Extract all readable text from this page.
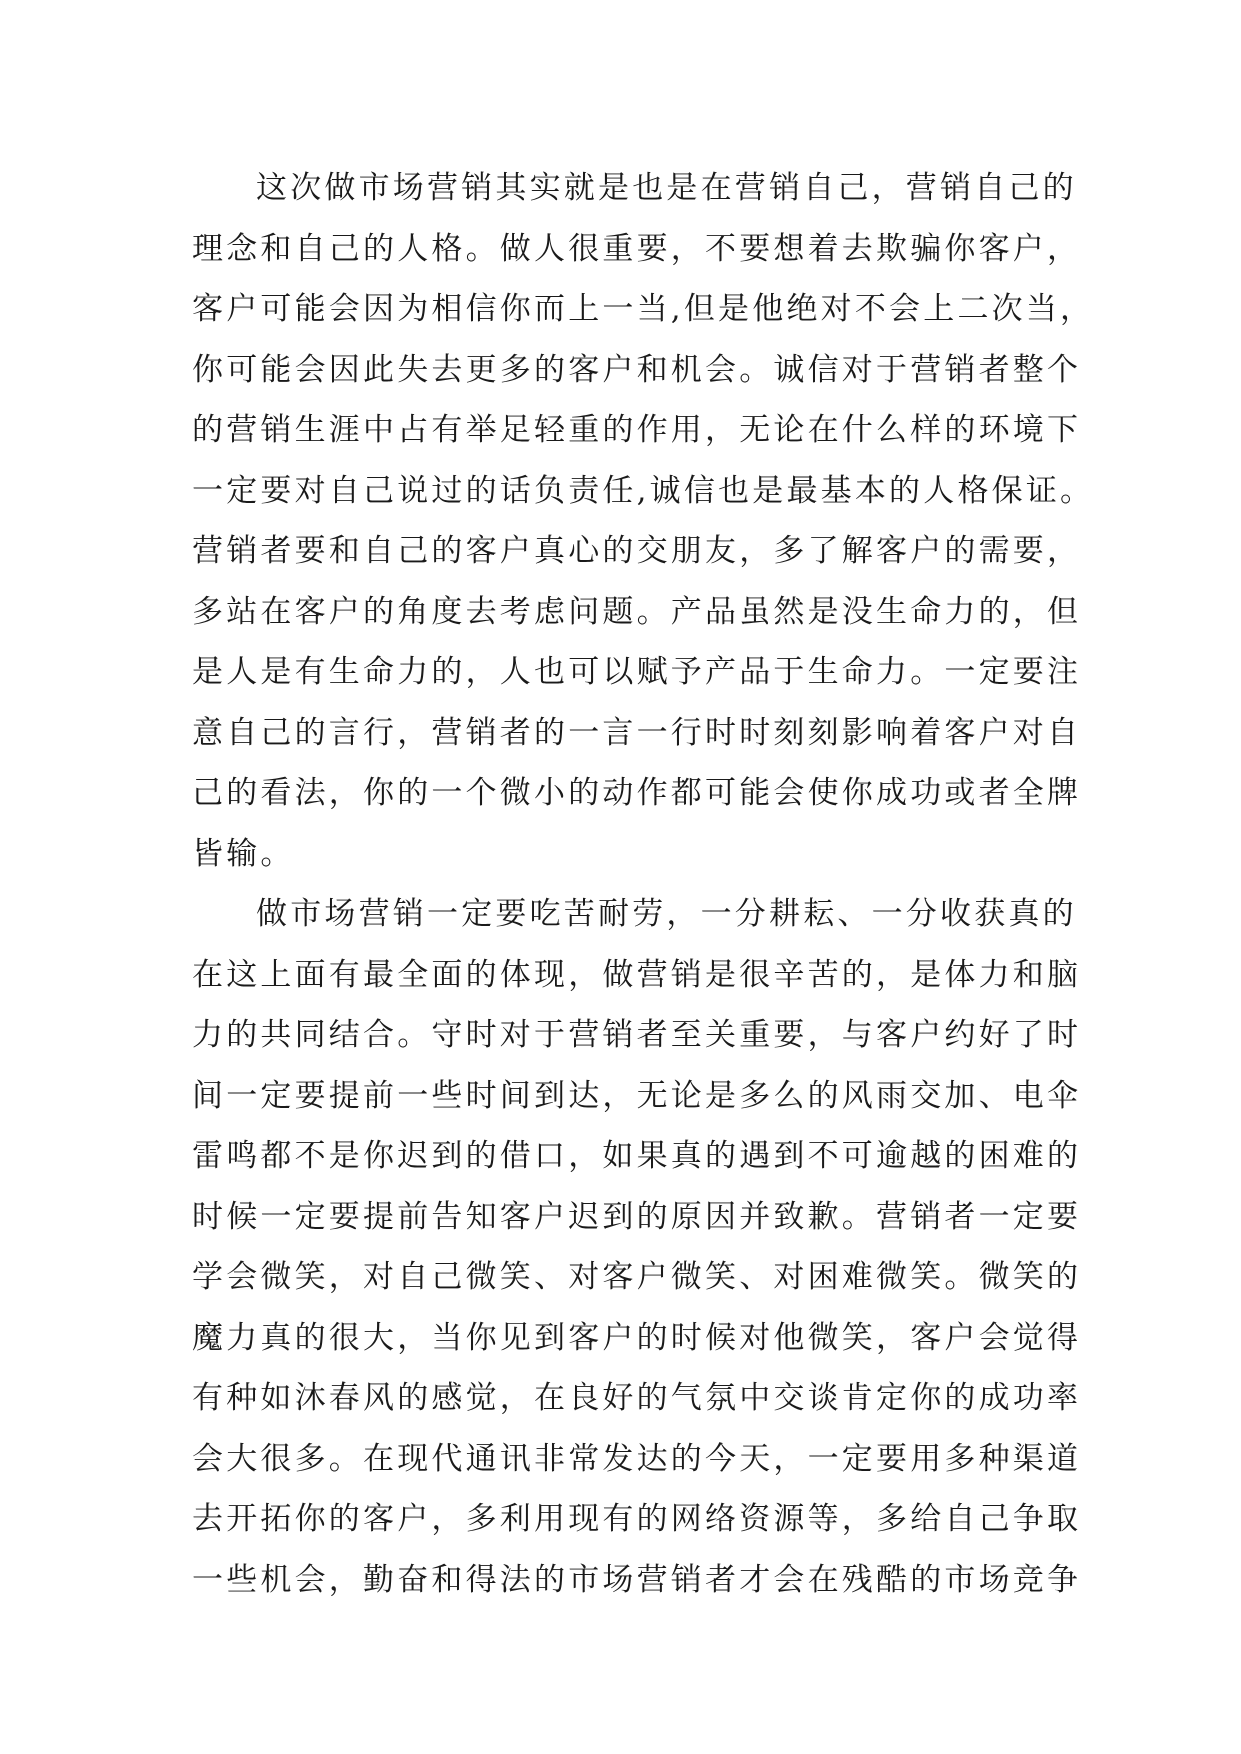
这次做市场营销其实就是也是在营销自己，营销自己的
理念和自己的人格。做人很重要，不要想着去欺骗你客户，
客户可能会因为相信你而上一当,但是他绝对不会上二次当，
你可能会因此失去更多的客户和机会。诚信对于营销者整个
的营销生涯中占有举足轻重的作用，无论在什么样的环境下
一定要对自己说过的话负责任,诚信也是最基本的人格保证。
营销者要和自己的客户真心的交朋友，多了解客户的需要，
多站在客户的角度去考虑问题。产品虽然是没生命力的，但
是人是有生命力的，人也可以赋予产品于生命力。一定要注
意自己的言行，营销者的一言一行时时刻刻影响着客户对自
己的看法，你的一个微小的动作都可能会使你成功或者全牌
皆输。
做市场营销一定要吃苦耐劳，一分耕耘、一分收获真的
在这上面有最全面的体现，做营销是很辛苦的，是体力和脑
力的共同结合。守时对于营销者至关重要，与客户约好了时
间一定要提前一些时间到达，无论是多么的风雨交加、电伞
雷鸣都不是你迟到的借口，如果真的遇到不可逾越的困难的
时候一定要提前告知客户迟到的原因并致歉。营销者一定要
学会微笑，对自己微笑、对客户微笑、对困难微笑。微笑的
魔力真的很大，当你见到客户的时候对他微笑，客户会觉得
有种如沐春风的感觉，在良好的气氛中交谈肯定你的成功率
会大很多。在现代通讯非常发达的今天，一定要用多种渠道
去开拓你的客户，多利用现有的网络资源等，多给自己争取
一些机会，勤奋和得法的市场营销者才会在残酷的市场竞争
